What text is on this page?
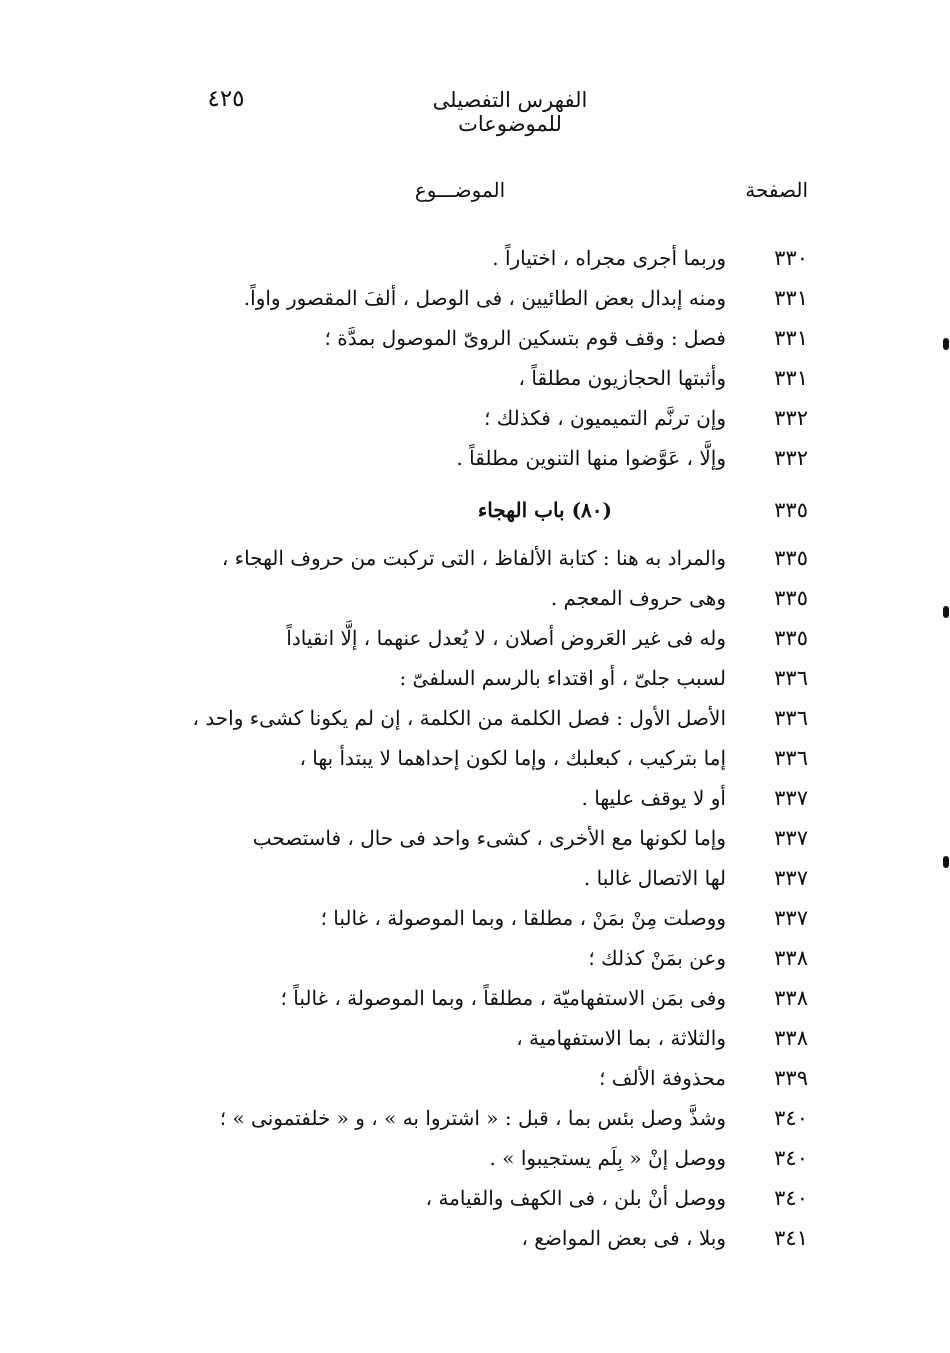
الفهرس التفصيلى للموضوعات
٤٢٥
الصفحة
الموضـــوع
٣٣٠
وربما أجرى مجراه ، اختياراً .
٣٣١
ومنه إبدال بعض الطائيين ، فى الوصل ، ألفَ المقصور واواً.
٣٣١
فصل : وقف قوم بتسكين الروىّ الموصول بمدَّة ؛
٣٣١
وأثبتها الحجازيون مطلقاً ،
٣٣٢
وإن ترنَّم التميميون ، فكذلك ؛
٣٣٢
وإلَّا ، عَوَّضوا منها التنوين مطلقاً .
٣٣٥
(٨٠) باب الهجاء
٣٣٥
والمراد به هنا : كتابة الألفاظ ، التى تركبت من حروف الهجاء ،
٣٣٥
وهى حروف المعجم .
٣٣٥
وله فى غير العَروض أصلان ، لا يُعدل عنهما ، إلَّا انقياداً
٣٣٦
لسبب جلىّ ، أو اقتداء بالرسم السلفىّ :
٣٣٦
الأصل الأول : فصل الكلمة من الكلمة ، إن لم يكونا كشىء واحد ،
٣٣٦
إما بتركيب ، كبعلبك ، وإما لكون إحداهما لا يبتدأ بها ،
٣٣٧
أو لا يوقف عليها .
٣٣٧
وإما لكونها مع الأخرى ، كشىء واحد فى حال ، فاستصحب
٣٣٧
لها الاتصال غالبا .
٣٣٧
ووصلت مِنْ بمَنْ ، مطلقا ، وبما الموصولة ، غالبا ؛
٣٣٨
وعن بمَنْ كذلك ؛
٣٣٨
وفى بمَن الاستفهاميّة ، مطلقاً ، وبما الموصولة ، غالباً ؛
٣٣٨
والثلاثة ، بما الاستفهامية ،
٣٣٩
محذوفة الألف ؛
٣٤٠
وشذَّ وصل بئس بما ، قبل : « اشتروا به » ، و « خلفتمونى » ؛
٣٤٠
ووصل إنْ « بِلَم يستجيبوا » .
٣٤٠
ووصل أنْ بلن ، فى الكهف والقيامة ،
٣٤١
وبلا ، فى بعض المواضع ،
